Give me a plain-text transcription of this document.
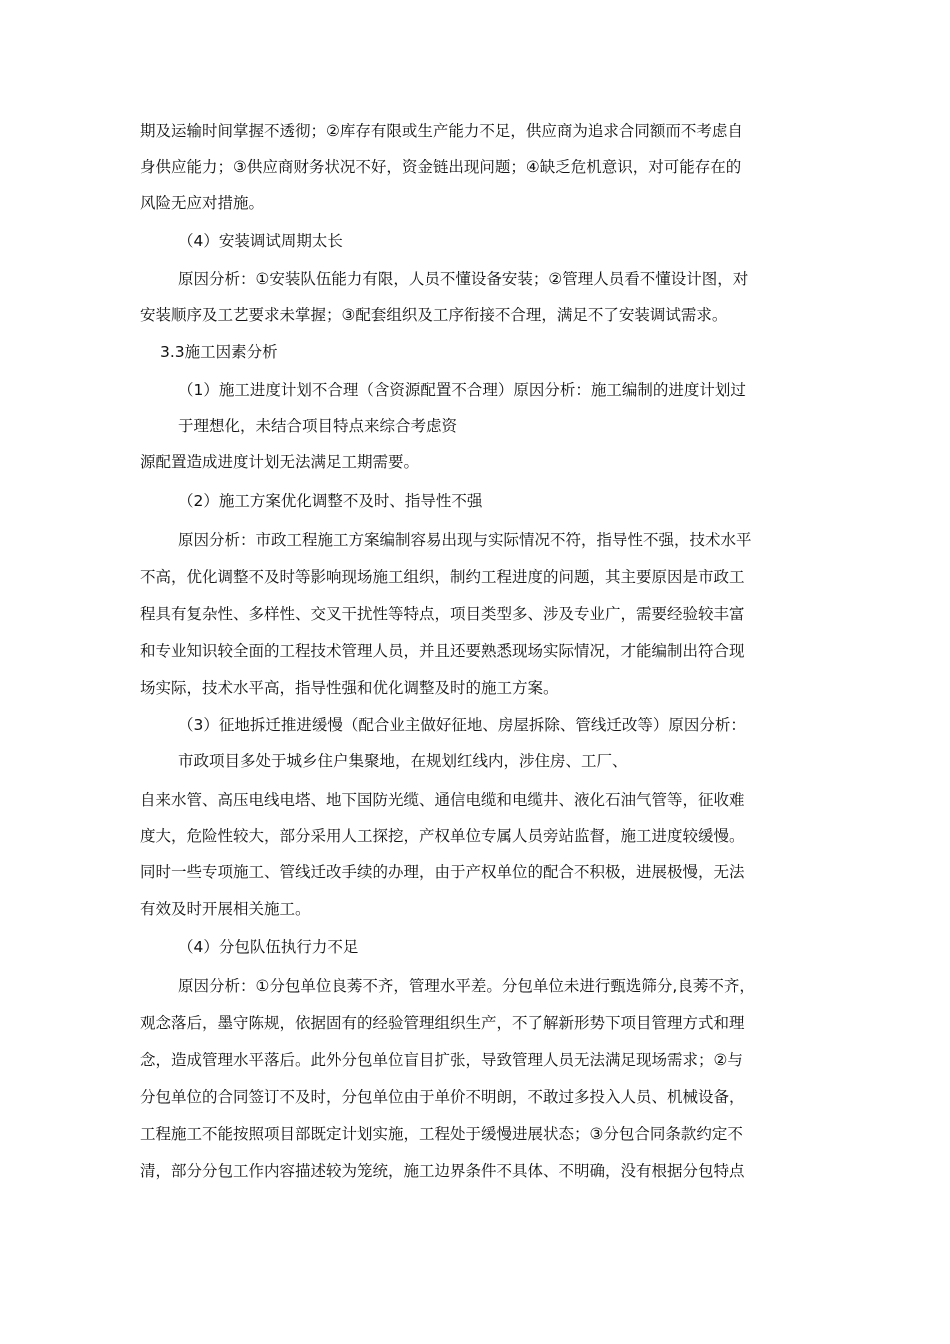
期及运输时间掌握不透彻；②库存有限或生产能力不足，供应商为追求合同额而不考虑自
身供应能力；③供应商财务状况不好，资金链出现问题；④缺乏危机意识，对可能存在的
风险无应对措施。
（4）安装调试周期太长
原因分析：①安装队伍能力有限，人员不懂设备安装；②管理人员看不懂设计图，对
安装顺序及工艺要求未掌握；③配套组织及工序衔接不合理，满足不了安装调试需求。
3.3施工因素分析
（1）施工进度计划不合理（含资源配置不合理）原因分析：施工编制的进度计划过
于理想化，未结合项目特点来综合考虑资
源配置造成进度计划无法满足工期需要。
（2）施工方案优化调整不及时、指导性不强
原因分析：市政工程施工方案编制容易出现与实际情况不符，指导性不强，技术水平
不高，优化调整不及时等影响现场施工组织，制约工程进度的问题，其主要原因是市政工
程具有复杂性、多样性、交叉干扰性等特点，项目类型多、涉及专业广，需要经验较丰富
和专业知识较全面的工程技术管理人员，并且还要熟悉现场实际情况，才能编制出符合现
场实际，技术水平高，指导性强和优化调整及时的施工方案。
（3）征地拆迁推进缓慢（配合业主做好征地、房屋拆除、管线迁改等）原因分析：
市政项目多处于城乡住户集聚地，在规划红线内，涉住房、工厂、
自来水管、高压电线电塔、地下国防光缆、通信电缆和电缆井、液化石油气管等，征收难
度大，危险性较大，部分采用人工探挖，产权单位专属人员旁站监督，施工进度较缓慢。
同时一些专项施工、管线迁改手续的办理，由于产权单位的配合不积极，进展极慢，无法
有效及时开展相关施工。
（4）分包队伍执行力不足
原因分析：①分包单位良莠不齐，管理水平差。分包单位未进行甄选筛分,良莠不齐，
观念落后，墨守陈规，依据固有的经验管理组织生产，不了解新形势下项目管理方式和理
念，造成管理水平落后。此外分包单位盲目扩张，导致管理人员无法满足现场需求；②与
分包单位的合同签订不及时，分包单位由于单价不明朗，不敢过多投入人员、机械设备，
工程施工不能按照项目部既定计划实施，工程处于缓慢进展状态；③分包合同条款约定不
清，部分分包工作内容描述较为笼统，施工边界条件不具体、不明确，没有根据分包特点
